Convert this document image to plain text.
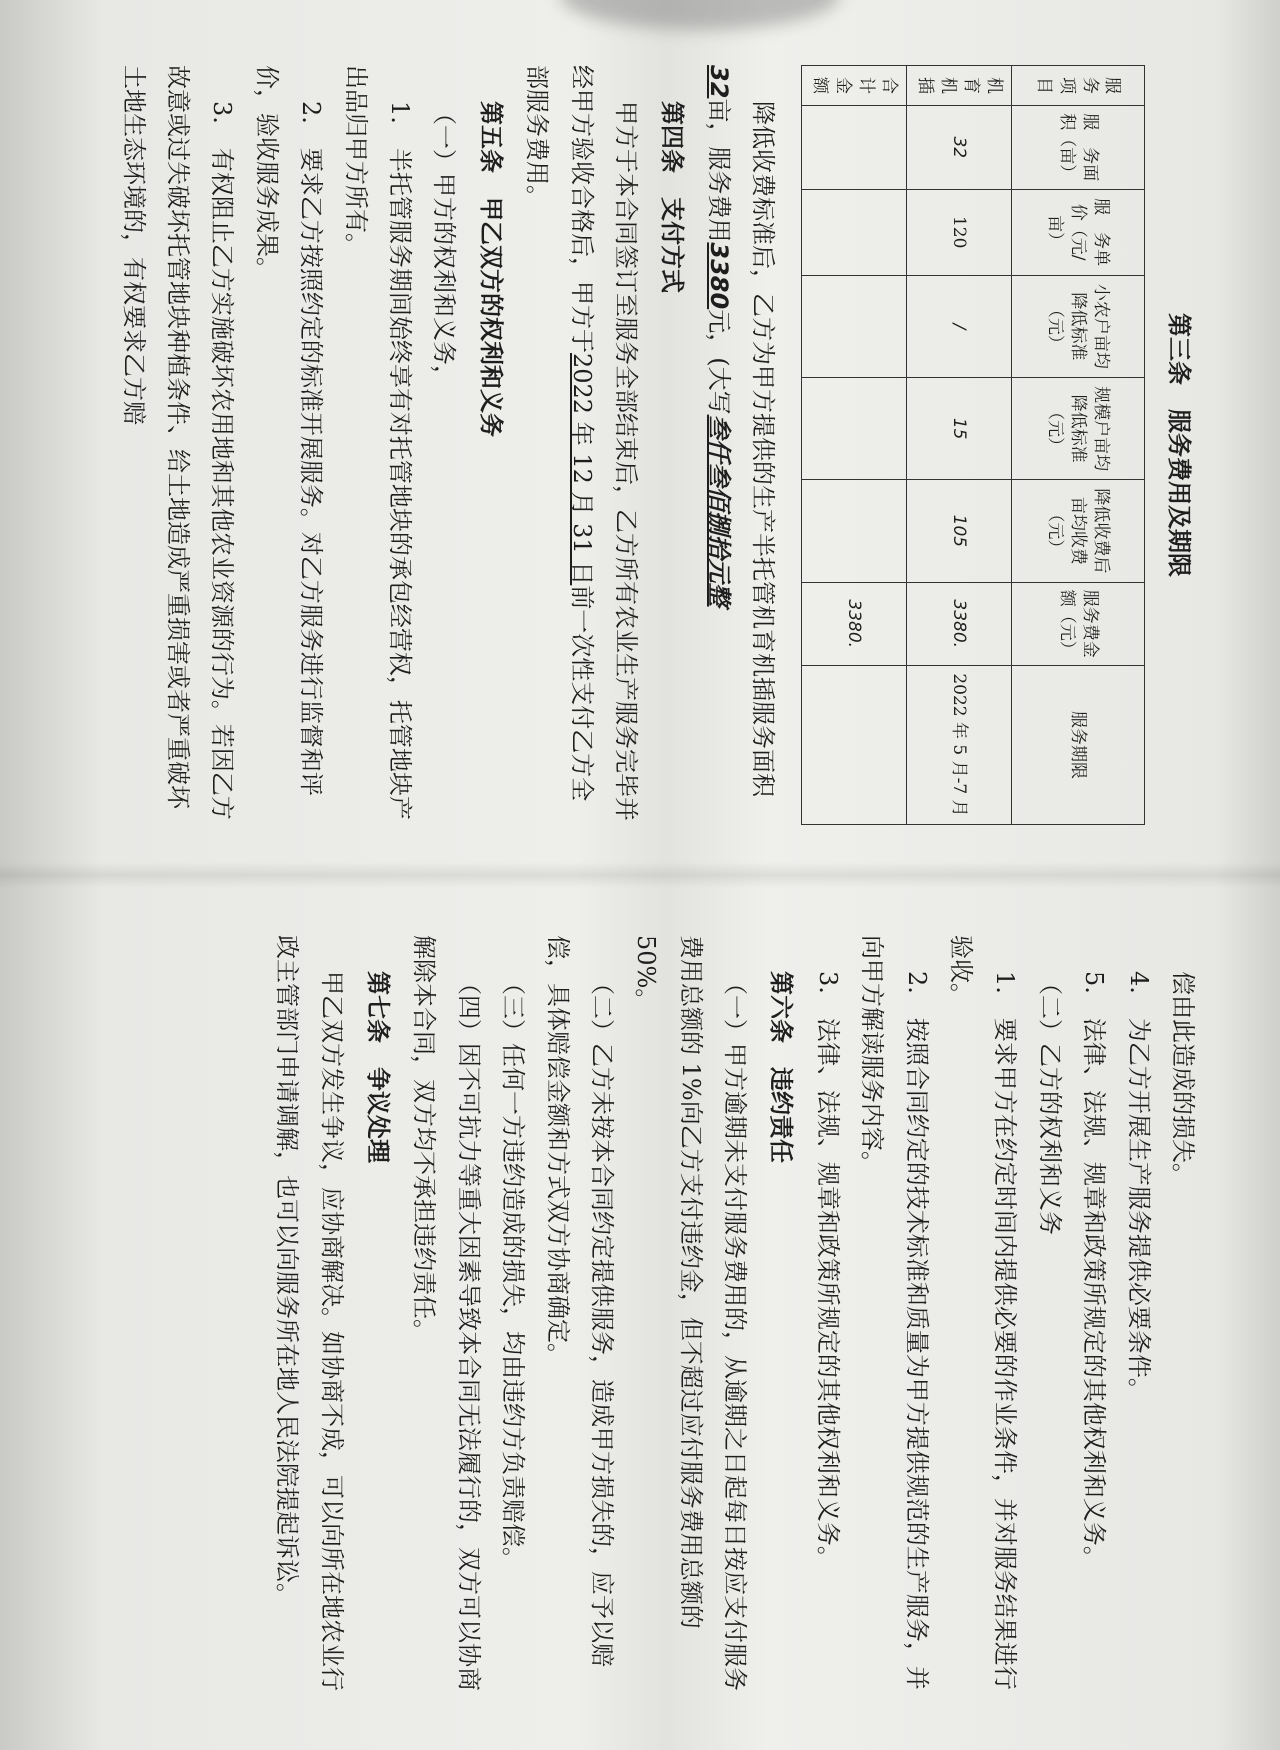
第三条　服务费用及期限
服务项目	服　务面积（亩）	服　务单　价（元/亩）	小农户亩均降低标准（元）	规模户亩均降低标准（元）	降低收费后亩均收费（元）	服务费金额（元）	服务期限
机育机插	32	120	/	15	105	3380.	2022 年 5 月-7 月
合计金额						3380.	

降低收费标准后，乙方为甲方提供的生产半托管机育机插服务面积32亩，服务费用3380元，(大写叁仟叁佰捌拾元整

第四条　支付方式

甲方于本合同签订至服务全部结束后，乙方所有农业生产服务完毕并经甲方验收合格后，甲方于2022 年 12 月 31 日前一次性支付乙方全部服务费用。

第五条　甲乙双方的权利和义务

（一）甲方的权利和义务，

1.　半托管服务期间始终享有对托管地块的承包经营权，托管地块产出品归甲方所有。

2.　要求乙方按照约定的标准开展服务。对乙方服务进行监督和评价，验收服务成果。

3.　有权阻止乙方实施破坏农用地和其他农业资源的行为。若因乙方故意或过失破坏托管地块种植条件、给土地造成严重损害或者严重破坏土地生态环境的，有权要求乙方赔

偿由此造成的损失。

4.　为乙方开展生产服务提供必要条件。

5.　法律、法规、规章和政策所规定的其他权利和义务。

（二）乙方的权利和义务

1.　要求甲方在约定时间内提供必要的作业条件，并对服务结果进行验收。

2.　按照合同约定的技术标准和质量为甲方提供规范的生产服务，并向甲方解读服务内容。

3.　法律、法规、规章和政策所规定的其他权利和义务。

第六条　违约责任

（一）甲方逾期未支付服务费用的，从逾期之日起每日按应支付服务费用总额的 1%向乙方支付违约金，但不超过应付服务费用总额的 50%。

（二）乙方未按本合同约定提供服务，造成甲方损失的，应予以赔偿，具体赔偿金额和方式双方协商确定。

（三）任何一方违约造成的损失，均由违约方负责赔偿。

（四）因不可抗力等重大因素导致本合同无法履行的，双方可以协商解除本合同，双方均不承担违约责任。

第七条　争议处理

甲乙双方发生争议，应协商解决。如协商不成，可以向所在地农业行政主管部门申请调解，也可以向服务所在地人民法院提起诉讼。
